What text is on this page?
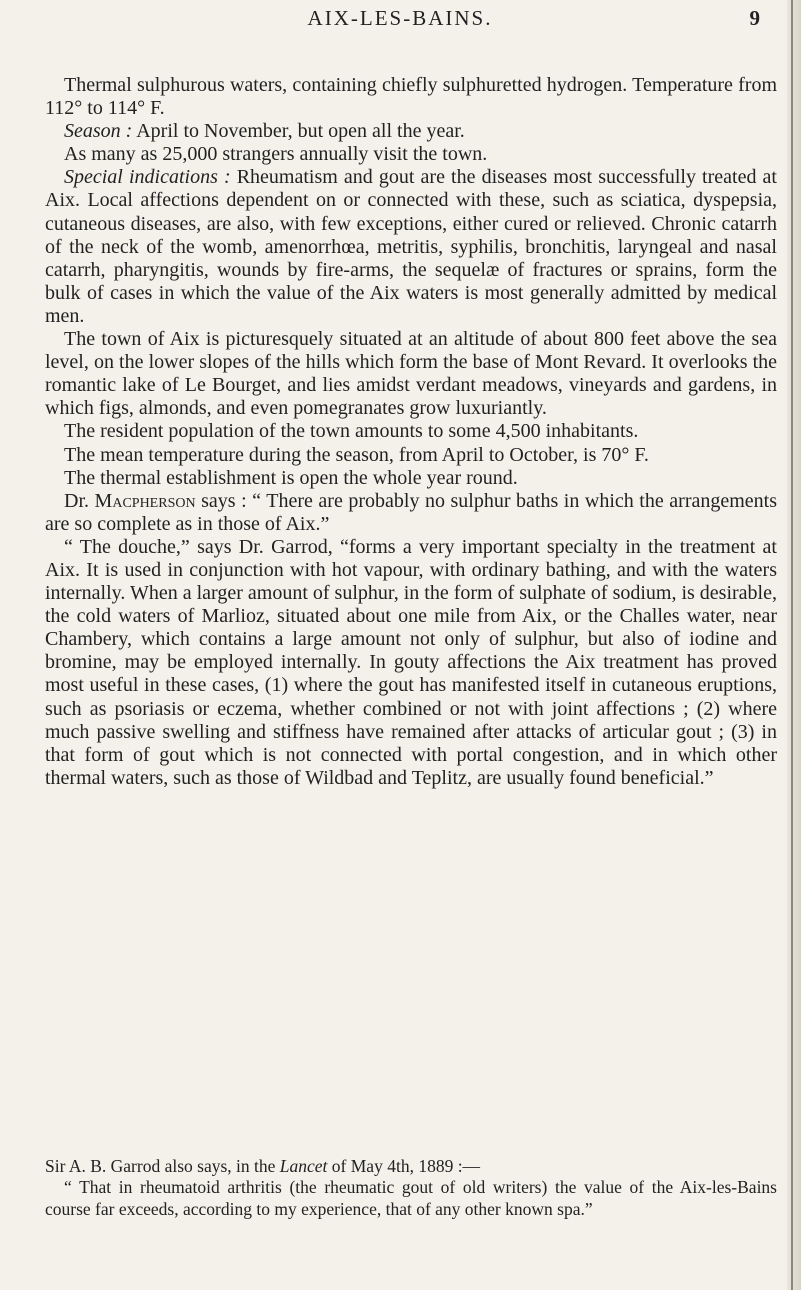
AIX-LES-BAINS.	9

Thermal sulphurous waters, containing chiefly sulphuretted hydrogen. Temperature from 112° to 114° F.

Season : April to November, but open all the year.

As many as 25,000 strangers annually visit the town.

Special indications : Rheumatism and gout are the diseases most successfully treated at Aix. Local affections dependent on or connected with these, such as sciatica, dyspepsia, cutaneous diseases, are also, with few exceptions, either cured or relieved. Chronic catarrh of the neck of the womb, amenorrhœa, metritis, syphilis, bronchitis, laryngeal and nasal catarrh, pharyngitis, wounds by fire-arms, the sequelæ of fractures or sprains, form the bulk of cases in which the value of the Aix waters is most generally admitted by medical men.

The town of Aix is picturesquely situated at an altitude of about 800 feet above the sea level, on the lower slopes of the hills which form the base of Mont Revard. It overlooks the romantic lake of Le Bourget, and lies amidst verdant meadows, vineyards and gardens, in which figs, almonds, and even pomegranates grow luxuriantly.

The resident population of the town amounts to some 4,500 inhabitants.

The mean temperature during the season, from April to October, is 70° F.

The thermal establishment is open the whole year round.

Dr. Macpherson says : “ There are probably no sulphur baths in which the arrangements are so complete as in those of Aix.”

“ The douche,” says Dr. Garrod, “forms a very important specialty in the treatment at Aix. It is used in conjunction with hot vapour, with ordinary bathing, and with the waters internally. When a larger amount of sulphur, in the form of sulphate of sodium, is desirable, the cold waters of Marlioz, situated about one mile from Aix, or the Challes water, near Chambery, which contains a large amount not only of sulphur, but also of iodine and bromine, may be employed internally. In gouty affections the Aix treatment has proved most useful in these cases, (1) where the gout has manifested itself in cutaneous eruptions, such as psoriasis or eczema, whether combined or not with joint affections ; (2) where much passive swelling and stiffness have remained after attacks of articular gout ; (3) in that form of gout which is not connected with portal congestion, and in which other thermal waters, such as those of Wildbad and Teplitz, are usually found beneficial.”

Sir A. B. Garrod also says, in the Lancet of May 4th, 1889 :—

“ That in rheumatoid arthritis (the rheumatic gout of old writers) the value of the Aix-les-Bains course far exceeds, according to my experience, that of any other known spa.”
